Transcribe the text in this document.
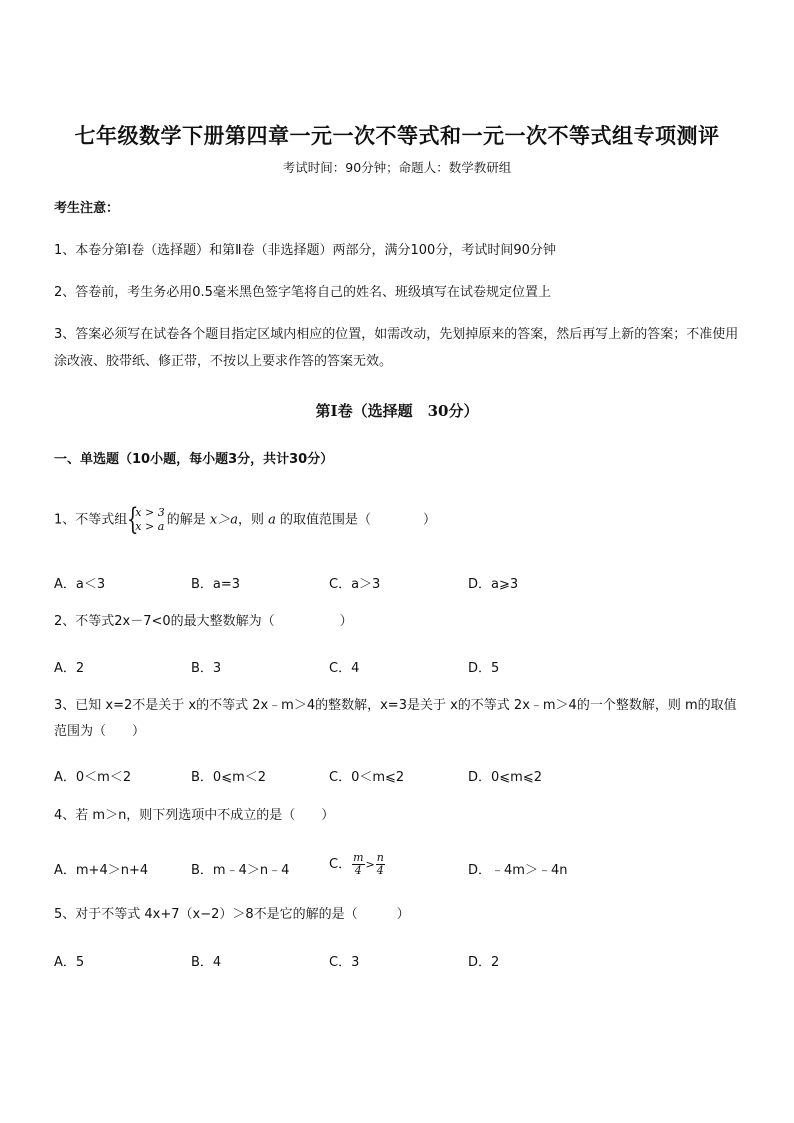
七年级数学下册第四章一元一次不等式和一元一次不等式组专项测评
考试时间：90分钟；命题人：数学教研组
考生注意：
1、本卷分第Ⅰ卷（选择题）和第Ⅱ卷（非选择题）两部分，满分100分，考试时间90分钟
2、答卷前，考生务必用0.5毫米黑色签字笔将自己的姓名、班级填写在试卷规定位置上
3、答案必须写在试卷各个题目指定区域内相应的位置，如需改动，先划掉原来的答案，然后再写上新的答案；不准使用涂改液、胶带纸、修正带，不按以上要求作答的答案无效。
第Ⅰ卷（选择题　30分）
一、单选题（10小题，每小题3分，共计30分）
1、不等式组 {
x > 3
x > a 的解是 x＞a，则 a 的取值范围是（　　　　）
A．a＜3	B．a=3	C．a＞3	D．a⩾3
2、不等式2x－7<0的最大整数解为（　　　　　）
A．2	B．3	C．4	D．5
3、已知 x=2不是关于 x的不等式 2x﹣m＞4的整数解，x=3是关于 x的不等式 2x﹣m＞4的一个整数解，则 m的取值范围为（　　）
A．0＜m＜2	B．0⩽m＜2	C．0＜m⩽2	D．0⩽m⩽2
4、若 m＞n，则下列选项中不成立的是（　　）
A．m+4＞n+4	B．m﹣4＞n﹣4	C． $\frac{m}{4} > \frac{n}{4}$	D．﹣4m＞﹣4n
5、对于不等式 4x+7（x−2）＞8不是它的解的是（　　　）
A．5	B．4	C．3	D．2
